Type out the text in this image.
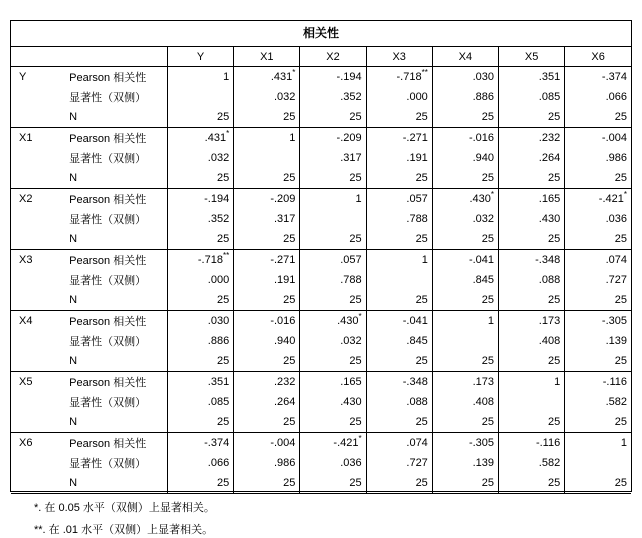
相关性
		Y	X1	X2	X3	X4	X5	X6
Y	Pearson 相关性	1	.431*	-.194	-.718**	.030	.351	-.374
	显著性（双侧）		.032	.352	.000	.886	.085	.066
	N	25	25	25	25	25	25	25
X1	Pearson 相关性	.431*	1	-.209	-.271	-.016	.232	-.004
	显著性（双侧）	.032		.317	.191	.940	.264	.986
	N	25	25	25	25	25	25	25
X2	Pearson 相关性	-.194	-.209	1	.057	.430*	.165	-.421*
	显著性（双侧）	.352	.317		.788	.032	.430	.036
	N	25	25	25	25	25	25	25
X3	Pearson 相关性	-.718**	-.271	.057	1	-.041	-.348	.074
	显著性（双侧）	.000	.191	.788		.845	.088	.727
	N	25	25	25	25	25	25	25
X4	Pearson 相关性	.030	-.016	.430*	-.041	1	.173	-.305
	显著性（双侧）	.886	.940	.032	.845		.408	.139
	N	25	25	25	25	25	25	25
X5	Pearson 相关性	.351	.232	.165	-.348	.173	1	-.116
	显著性（双侧）	.085	.264	.430	.088	.408		.582
	N	25	25	25	25	25	25	25
X6	Pearson 相关性	-.374	-.004	-.421*	.074	-.305	-.116	1
	显著性（双侧）	.066	.986	.036	.727	.139	.582	
	N	25	25	25	25	25	25	25
*. 在 0.05 水平（双侧）上显著相关。
**. 在 .01 水平（双侧）上显著相关。
